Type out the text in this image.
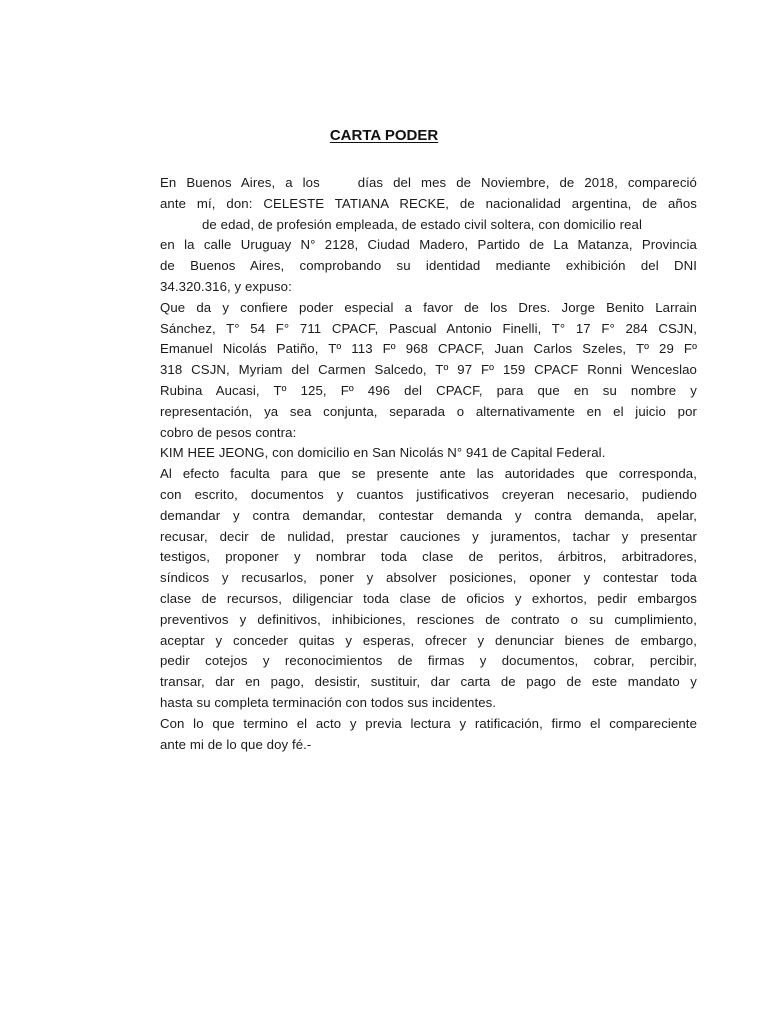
CARTA PODER
En Buenos Aires, a los	días del mes de Noviembre, de 2018, compareció
ante mí, don: CELESTE TATIANA RECKE, de nacionalidad argentina, de años
de edad, de profesión empleada, de estado civil soltera, con domicilio real
en la calle Uruguay N° 2128, Ciudad Madero, Partido de La Matanza, Provincia
de Buenos Aires, comprobando su identidad mediante exhibición del DNI
34.320.316, y expuso:
Que da y confiere poder especial a favor de los Dres. Jorge Benito Larrain
Sánchez, T° 54 F° 711 CPACF, Pascual Antonio Finelli, T° 17 F° 284 CSJN,
Emanuel Nicolás Patiño, Tº 113 Fº 968 CPACF, Juan Carlos Szeles, Tº 29 Fº
318 CSJN, Myriam del Carmen Salcedo, Tº 97 Fº 159 CPACF Ronni Wenceslao
Rubina Aucasi, Tº 125, Fº 496 del CPACF, para que en su nombre y
representación, ya sea conjunta, separada o alternativamente en el juicio por
cobro de pesos contra:
KIM HEE JEONG, con domicilio en San Nicolás N° 941 de Capital Federal.
Al efecto faculta para que se presente ante las autoridades que corresponda,
con escrito, documentos y cuantos justificativos creyeran necesario, pudiendo
demandar y contra demandar, contestar demanda y contra demanda, apelar,
recusar, decir de nulidad, prestar cauciones y juramentos, tachar y presentar
testigos, proponer y nombrar toda clase de peritos, árbitros, arbitradores,
síndicos y recusarlos, poner y absolver posiciones, oponer y contestar toda
clase de recursos, diligenciar toda clase de oficios y exhortos, pedir embargos
preventivos y definitivos, inhibiciones, resciones de contrato o su cumplimiento,
aceptar y conceder quitas y esperas, ofrecer y denunciar bienes de embargo,
pedir cotejos y reconocimientos de firmas y documentos, cobrar, percibir,
transar, dar en pago, desistir, sustituir, dar carta de pago de este mandato y
hasta su completa terminación con todos sus incidentes.
Con lo que termino el acto y previa lectura y ratificación, firmo el compareciente
ante mi de lo que doy fé.-
